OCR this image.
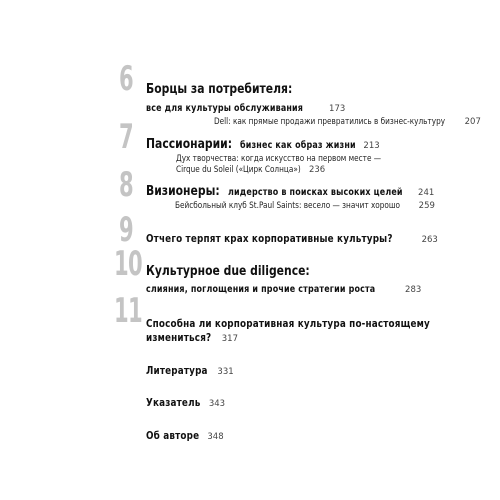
6 Борцы за потребителя:
все для культуры обслуживания	173
Dell: как прямые продажи превратились в бизнес-культуру 207
7 Пассионарии: бизнес как образ жизни 213
Дух творчества: когда искусство на первом месте —
Cirque du Soleil («Цирк Солнца») 236
8 Визионеры: лидерство в поисках высоких целей 241
Бейсбольный клуб St.Paul Saints: весело — значит хорошо 259
9 Отчего терпят крах корпоративные культуры?	263
10 Культурное due diligence:
слияния, поглощения и прочие стратегии роста	283
11 Способна ли корпоративная культура по-настоящему
измениться? 317
Литература 331
Указатель 343
Об авторе 348
